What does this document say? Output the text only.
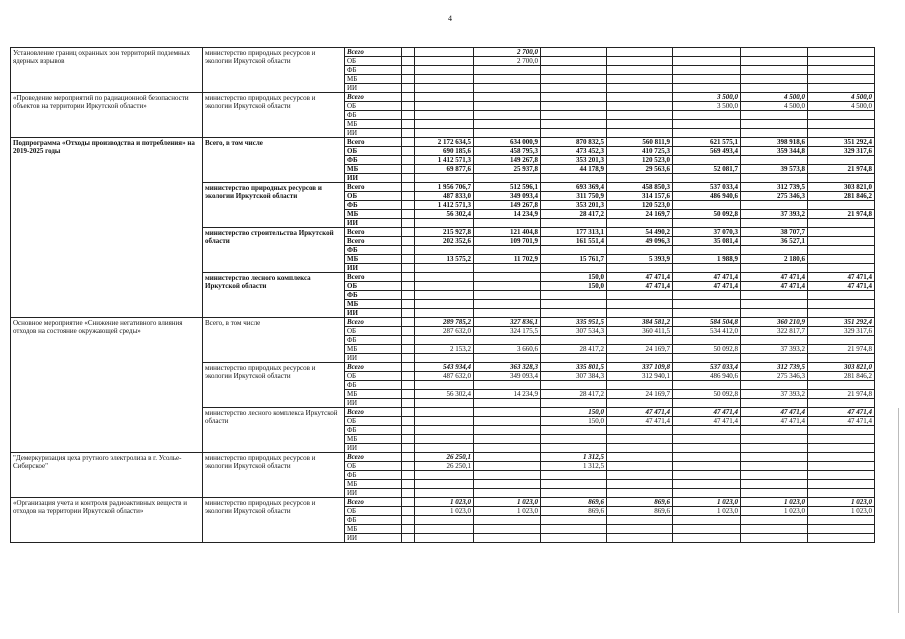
4
Установление границ охранных зон территорий подземных ядерных взрывов	министерство природных ресурсов и экологии Иркутской области	Всего			2 700,0					
		ОБ			2 700,0					
		ФБ								
		МБ								
		ИИ								
«Проведение мероприятий по радиационной безопасности объектов на территории Иркутской области»	министерство природных ресурсов и экологии Иркутской области	Всего						3 500,0	4 500,0	4 500,0
		ОБ						3 500,0	4 500,0	4 500,0
		ФБ								
		МБ								
		ИИ								
Подпрограмма «Отходы производства и потребления» на 2019-2025 годы	Всего, в том числе	Всего		2 172 634,5	634 000,9	870 832,5	560 811,9	621 575,1	398 918,6	351 292,4
		ОБ		690 185,6	458 795,3	473 452,3	410 725,3	569 493,4	359 344,8	329 317,6
		ФБ		1 412 571,3	149 267,8	353 201,3	120 523,0			
		МБ		69 877,6	25 937,8	44 178,9	29 563,6	52 081,7	39 573,8	21 974,8
		ИИ								
	министерство природных ресурсов и экологии Иркутской области	Всего		1 956 706,7	512 596,1	693 369,4	458 850,3	537 033,4	312 739,5	303 821,0
		ОБ		487 833,0	349 093,4	311 750,9	314 157,6	486 940,6	275 346,3	281 846,2
		ФБ		1 412 571,3	149 267,8	353 201,3	120 523,0			
		МБ		56 302,4	14 234,9	28 417,2	24 169,7	50 092,8	37 393,2	21 974,8
		ИИ								
	министерство строительства Иркутской области	Всего		215 927,8	121 404,8	177 313,1	54 490,2	37 070,3	38 707,7	
		Всего		202 352,6	109 701,9	161 551,4	49 096,3	35 081,4	36 527,1	
		ФБ								
		МБ		13 575,2	11 702,9	15 761,7	5 393,9	1 988,9	2 180,6	
		ИИ								
	министерство лесного комплекса Иркутской области	Всего				150,0	47 471,4	47 471,4	47 471,4	47 471,4
		ОБ				150,0	47 471,4	47 471,4	47 471,4	47 471,4
		ФБ								
		МБ								
		ИИ								
Основное мероприятие «Снижение негативного влияния отходов на состояние окружающей среды»	Всего, в том числе	Всего		289 785,2	327 836,1	335 951,5	384 581,2	584 504,8	360 210,9	351 292,4
		ОБ		287 632,0	324 175,5	307 534,3	360 411,5	534 412,0	322 817,7	329 317,6
		ФБ								
		МБ		2 153,2	3 660,6	28 417,2	24 169,7	50 092,8	37 393,2	21 974,8
		ИИ								
	министерство природных ресурсов и экологии Иркутской области	Всего		543 934,4	363 328,3	335 801,5	337 109,8	537 033,4	312 739,5	303 821,0
		ОБ		487 632,0	349 093,4	307 384,3	312 940,1	486 940,6	275 346,3	281 846,2
		ФБ								
		МБ		56 302,4	14 234,9	28 417,2	24 169,7	50 092,8	37 393,2	21 974,8
		ИИ								
	министерство лесного комплекса Иркутской области	Всего				150,0	47 471,4	47 471,4	47 471,4	47 471,4
		ОБ				150,0	47 471,4	47 471,4	47 471,4	47 471,4
		ФБ								
		МБ								
		ИИ								
"Демеркуризация цеха ртутного электролиза в г. Усолье-Сибирское"	министерство природных ресурсов и экологии Иркутской области	Всего		26 250,1		1 312,5				
		ОБ		26 250,1		1 312,5				
		ФБ								
		МБ								
		ИИ								
«Организация учета и контроля радиоактивных веществ и отходов на территории Иркутской области»	министерство природных ресурсов и экологии Иркутской области	Всего		1 023,0	1 023,0	869,6	869,6	1 023,0	1 023,0	1 023,0
		ОБ		1 023,0	1 023,0	869,6	869,6	1 023,0	1 023,0	1 023,0
		ФБ								
		МБ								
		ИИ								
